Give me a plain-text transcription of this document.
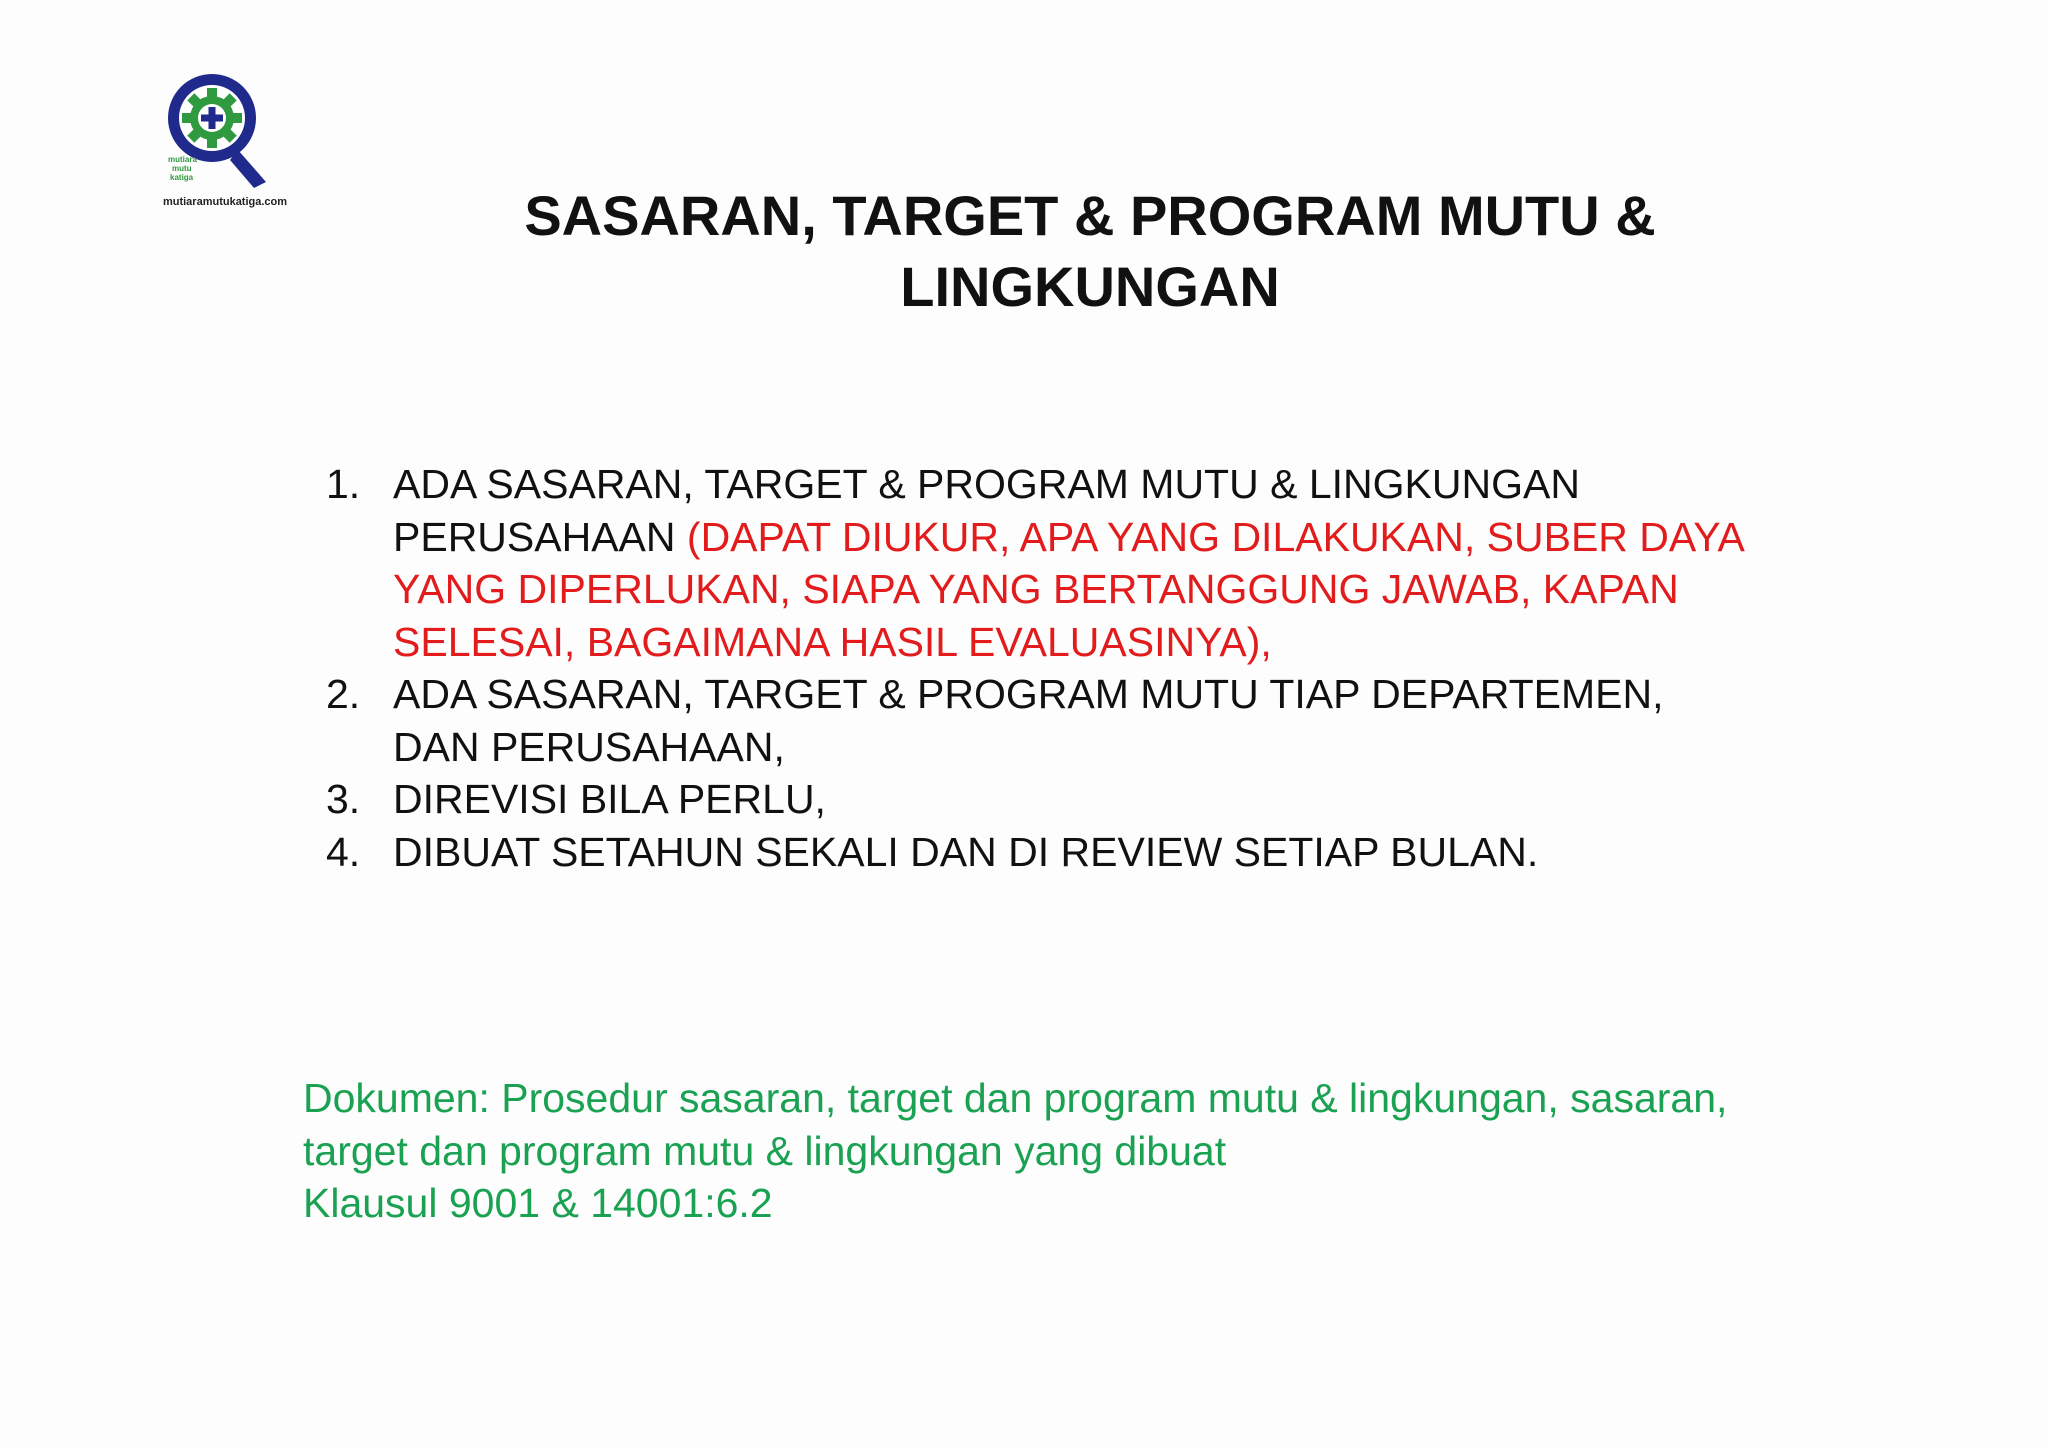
mutiara
mutu
katiga
mutiaramutukatiga.com	SASARAN, TARGET & PROGRAM MUTU &
LINGKUNGAN
1. ADA SASARAN, TARGET & PROGRAM MUTU & LINGKUNGAN
PERUSAHAAN (DAPAT DIUKUR, APA YANG DILAKUKAN, SUBER DAYA
YANG DIPERLUKAN, SIAPA YANG BERTANGGUNG JAWAB, KAPAN
SELESAI, BAGAIMANA HASIL EVALUASINYA),
2. ADA SASARAN, TARGET & PROGRAM MUTU TIAP DEPARTEMEN,
DAN PERUSAHAAN,
3. DIREVISI BILA PERLU,
4. DIBUAT SETAHUN SEKALI DAN DI REVIEW SETIAP BULAN.
Dokumen: Prosedur sasaran, target dan program mutu & lingkungan, sasaran,
target dan program mutu & lingkungan yang dibuat
Klausul 9001 & 14001:6.2
